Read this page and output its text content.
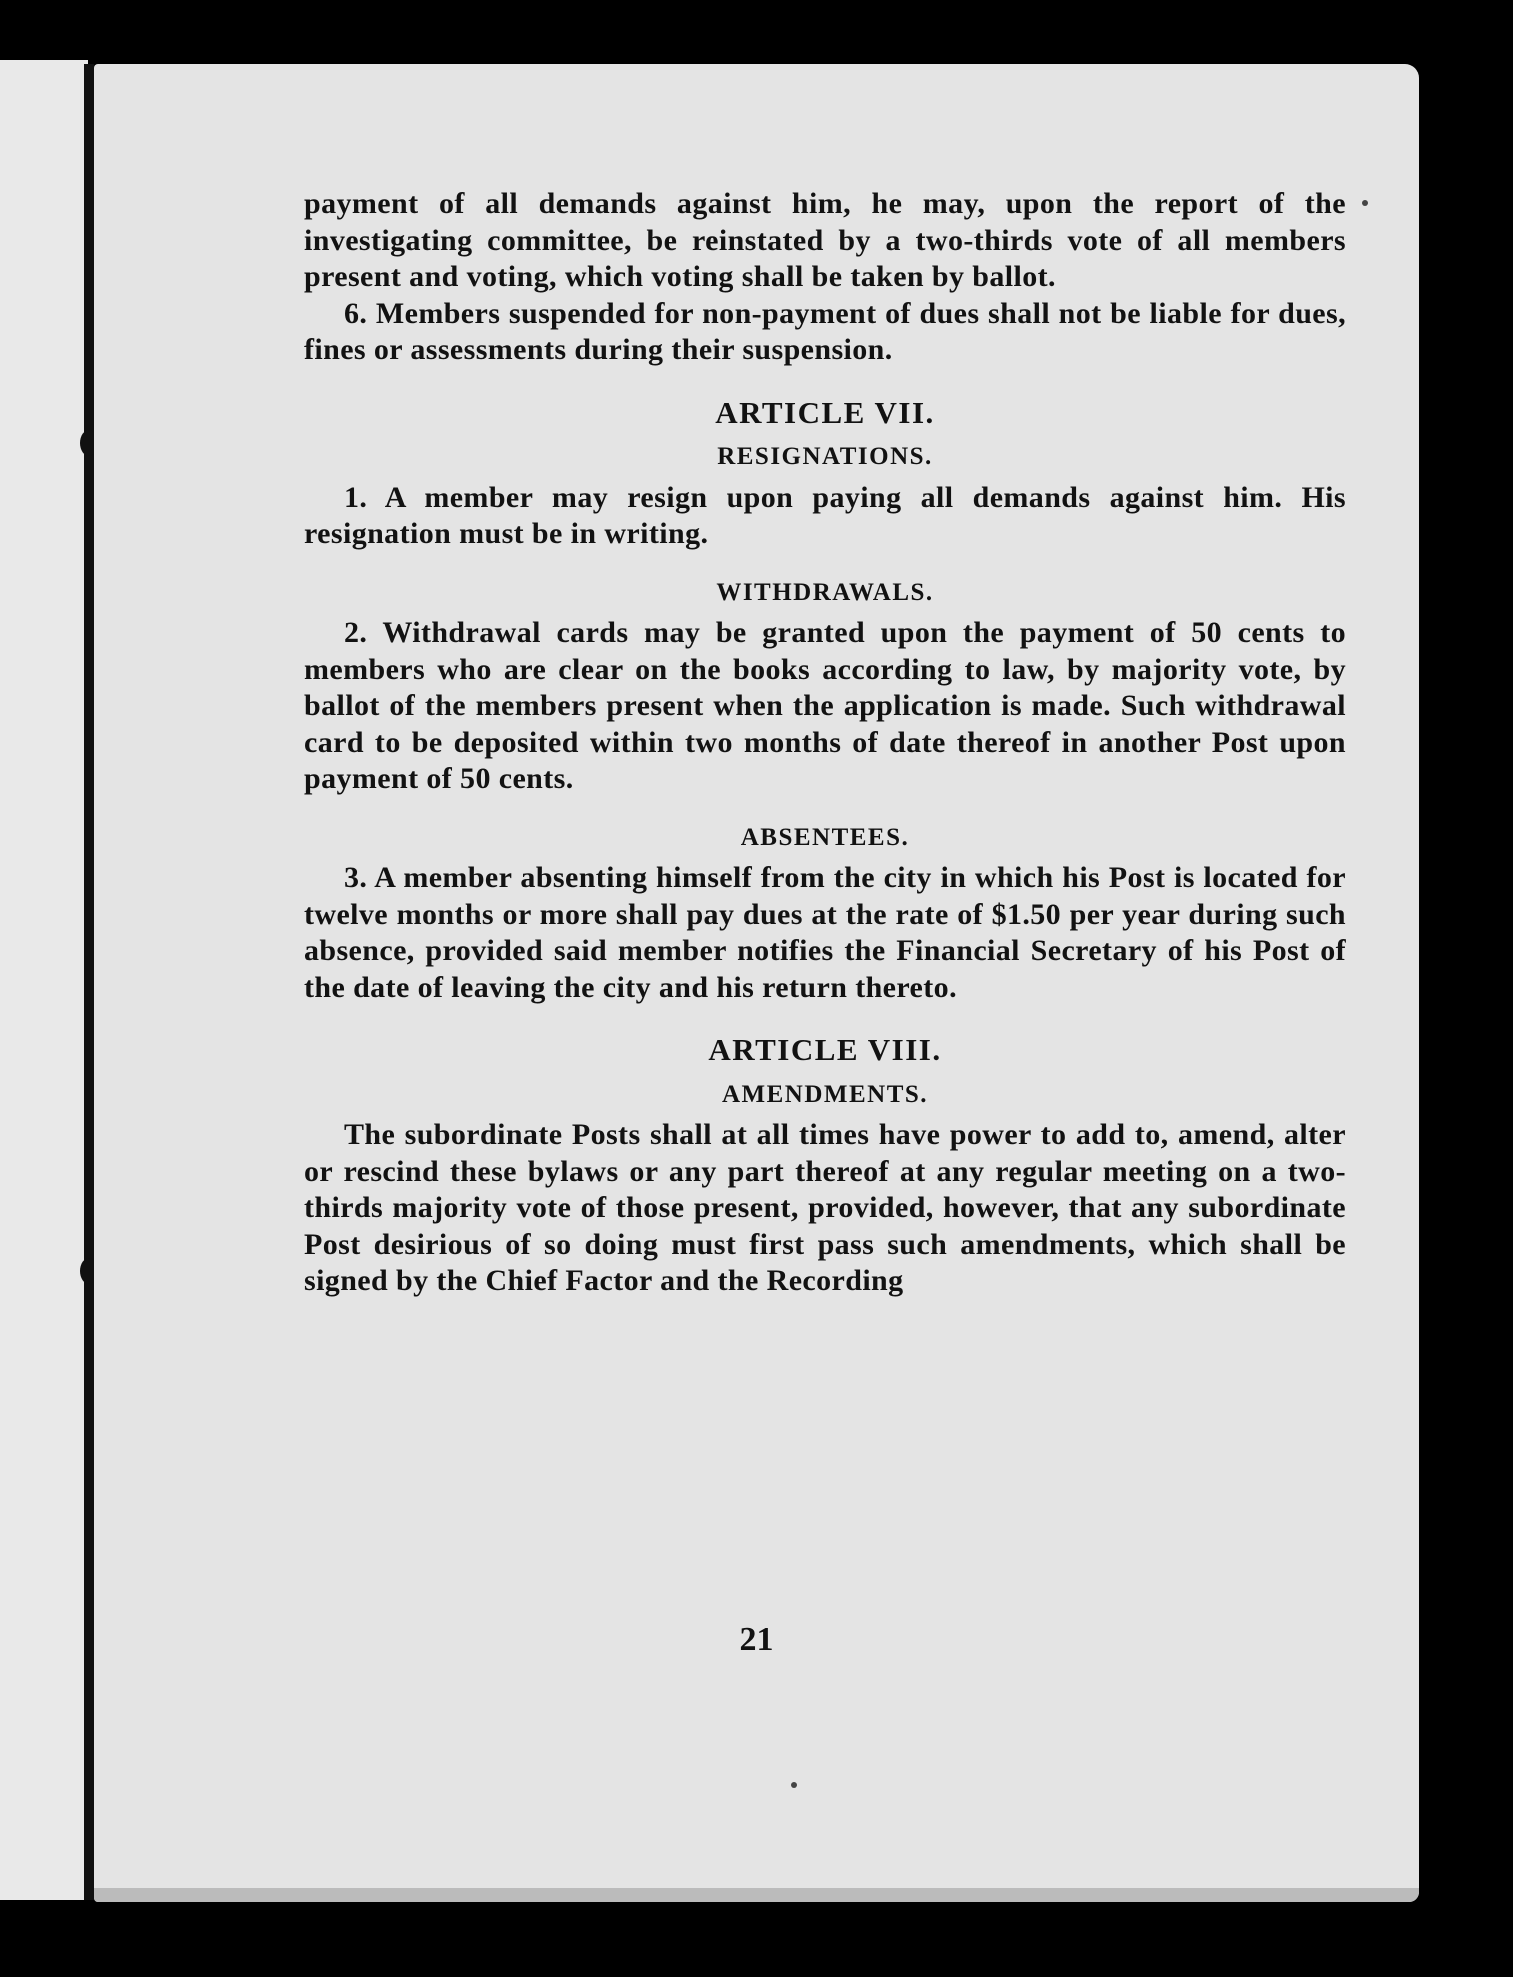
payment of all demands against him, he may, upon the report of the investigating committee, be reinstated by a two-thirds vote of all members present and voting, which voting shall be taken by ballot.

6. Members suspended for non-payment of dues shall not be liable for dues, fines or assessments during their suspension.

ARTICLE VII.
RESIGNATIONS.

1. A member may resign upon paying all demands against him. His resignation must be in writing.

WITHDRAWALS.

2. Withdrawal cards may be granted upon the payment of 50 cents to members who are clear on the books according to law, by majority vote, by ballot of the members present when the application is made. Such withdrawal card to be deposited within two months of date thereof in another Post upon payment of 50 cents.

ABSENTEES.

3. A member absenting himself from the city in which his Post is located for twelve months or more shall pay dues at the rate of $1.50 per year during such absence, provided said member notifies the Financial Secretary of his Post of the date of leaving the city and his return thereto.

ARTICLE VIII.
AMENDMENTS.

The subordinate Posts shall at all times have power to add to, amend, alter or rescind these bylaws or any part thereof at any regular meeting on a two-thirds majority vote of those present, provided, however, that any subordinate Post desirious of so doing must first pass such amendments, which shall be signed by the Chief Factor and the Recording

21
